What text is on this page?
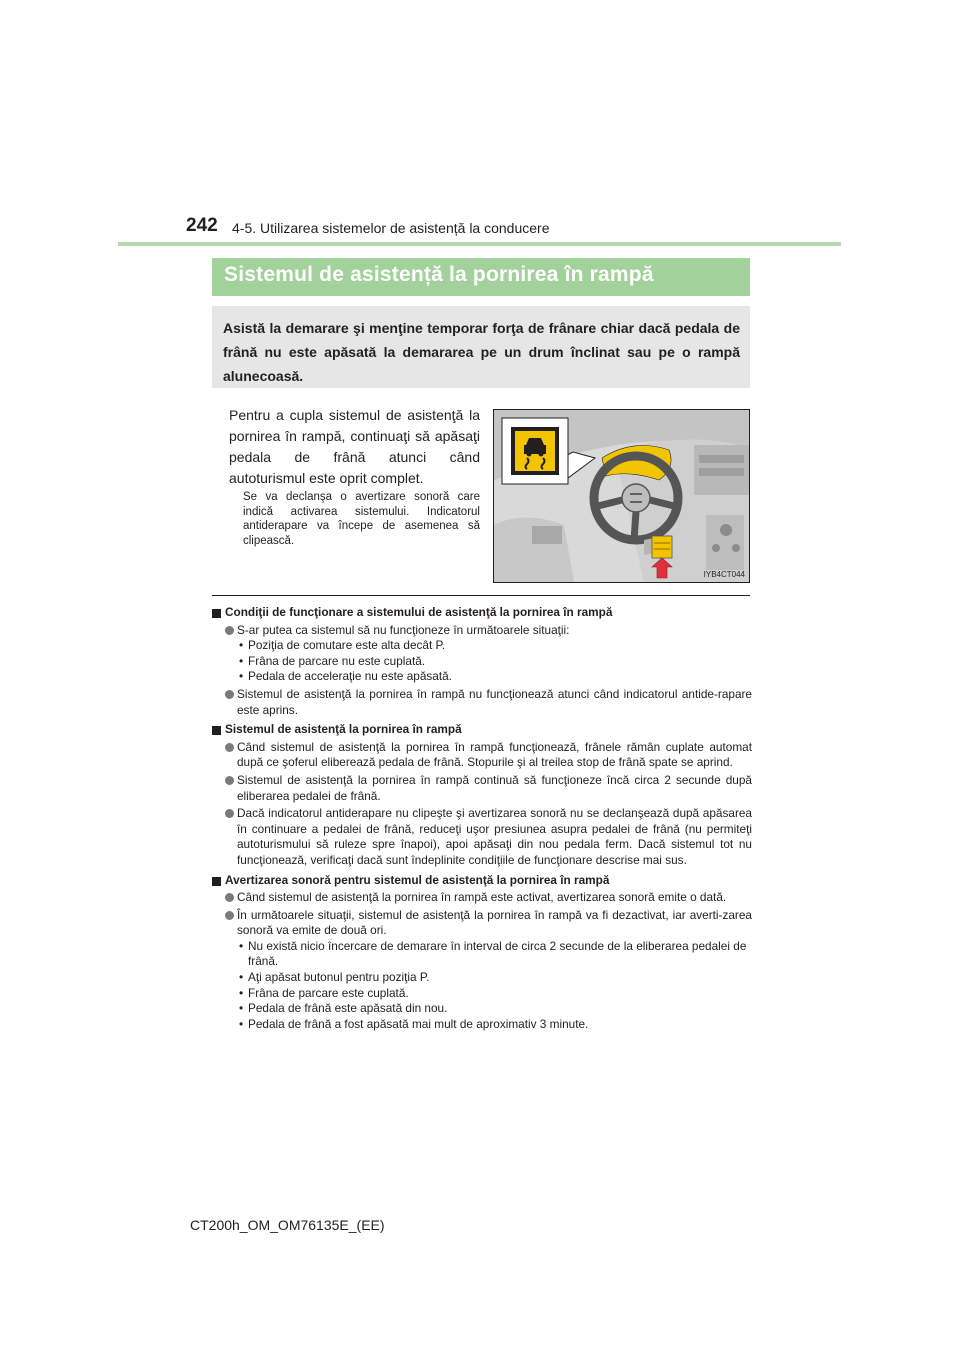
242 4-5. Utilizarea sistemelor de asistență la conducere
Sistemul de asistență la pornirea în rampă
Asistă la demarare şi menţine temporar forţa de frânare chiar dacă pedala de frână nu este apăsată la demararea pe un drum înclinat sau pe o rampă alunecoasă.
Pentru a cupla sistemul de asistenţă la pornirea în rampă, continuaţi să apăsaţi pedala de frână atunci când autoturismul este oprit complet.
Se va declanşa o avertizare sonoră care indică activarea sistemului. Indicatorul antiderapare va începe de asemenea să clipească.
IYB4CT044
Condiţii de funcţionare a sistemului de asistenţă la pornirea în rampă
S-ar putea ca sistemul să nu funcţioneze în următoarele situaţii:
• Poziţia de comutare este alta decât P.
• Frâna de parcare nu este cuplată.
• Pedala de acceleraţie nu este apăsată.
Sistemul de asistenţă la pornirea în rampă nu funcţionează atunci când indicatorul antide-rapare este aprins.
Sistemul de asistenţă la pornirea în rampă
Când sistemul de asistenţă la pornirea în rampă funcţionează, frânele rămân cuplate automat după ce şoferul eliberează pedala de frână. Stopurile şi al treilea stop de frână spate se aprind.
Sistemul de asistenţă la pornirea în rampă continuă să funcţioneze încă circa 2 secunde după eliberarea pedalei de frână.
Dacă indicatorul antiderapare nu clipeşte şi avertizarea sonoră nu se declanşează după apăsarea în continuare a pedalei de frână, reduceţi uşor presiunea asupra pedalei de frână (nu permiteţi autoturismului să ruleze spre înapoi), apoi apăsaţi din nou pedala ferm. Dacă sistemul tot nu funcţionează, verificaţi dacă sunt îndeplinite condiţiile de funcţionare descrise mai sus.
Avertizarea sonoră pentru sistemul de asistenţă la pornirea în rampă
Când sistemul de asistenţă la pornirea în rampă este activat, avertizarea sonoră emite o dată.
În următoarele situaţii, sistemul de asistenţă la pornirea în rampă va fi dezactivat, iar averti-zarea sonoră va emite de două ori.
• Nu există nicio încercare de demarare în interval de circa 2 secunde de la eliberarea pedalei de frână.
• Aţi apăsat butonul pentru poziţia P.
• Frâna de parcare este cuplată.
• Pedala de frână este apăsată din nou.
• Pedala de frână a fost apăsată mai mult de aproximativ 3 minute.
CT200h_OM_OM76135E_(EE)
